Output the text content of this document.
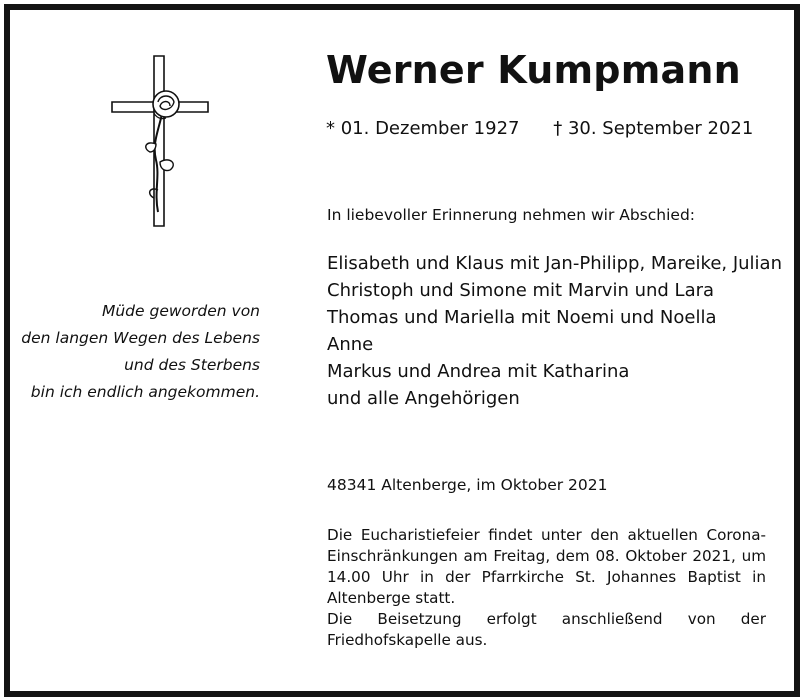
Werner Kumpmann
* 01. Dezember 1927 † 30. September 2021
In liebevoller Erinnerung nehmen wir Abschied:
Elisabeth und Klaus mit Jan-Philipp, Mareike, Julian
Christoph und Simone mit Marvin und Lara
Thomas und Mariella mit Noemi und Noella
Anne
Markus und Andrea mit Katharina
und alle Angehörigen
Müde geworden von
den langen Wegen des Lebens
und des Sterbens
bin ich endlich angekommen.
48341 Altenberge, im Oktober 2021

Die Eucharistiefeier findet unter den aktuellen Corona-Einschränkungen am Freitag, dem 08. Oktober 2021, um 14.00 Uhr in der Pfarrkirche St. Johannes Baptist in Altenberge statt.

Die Beisetzung erfolgt anschließend von der Friedhofskapelle aus.
